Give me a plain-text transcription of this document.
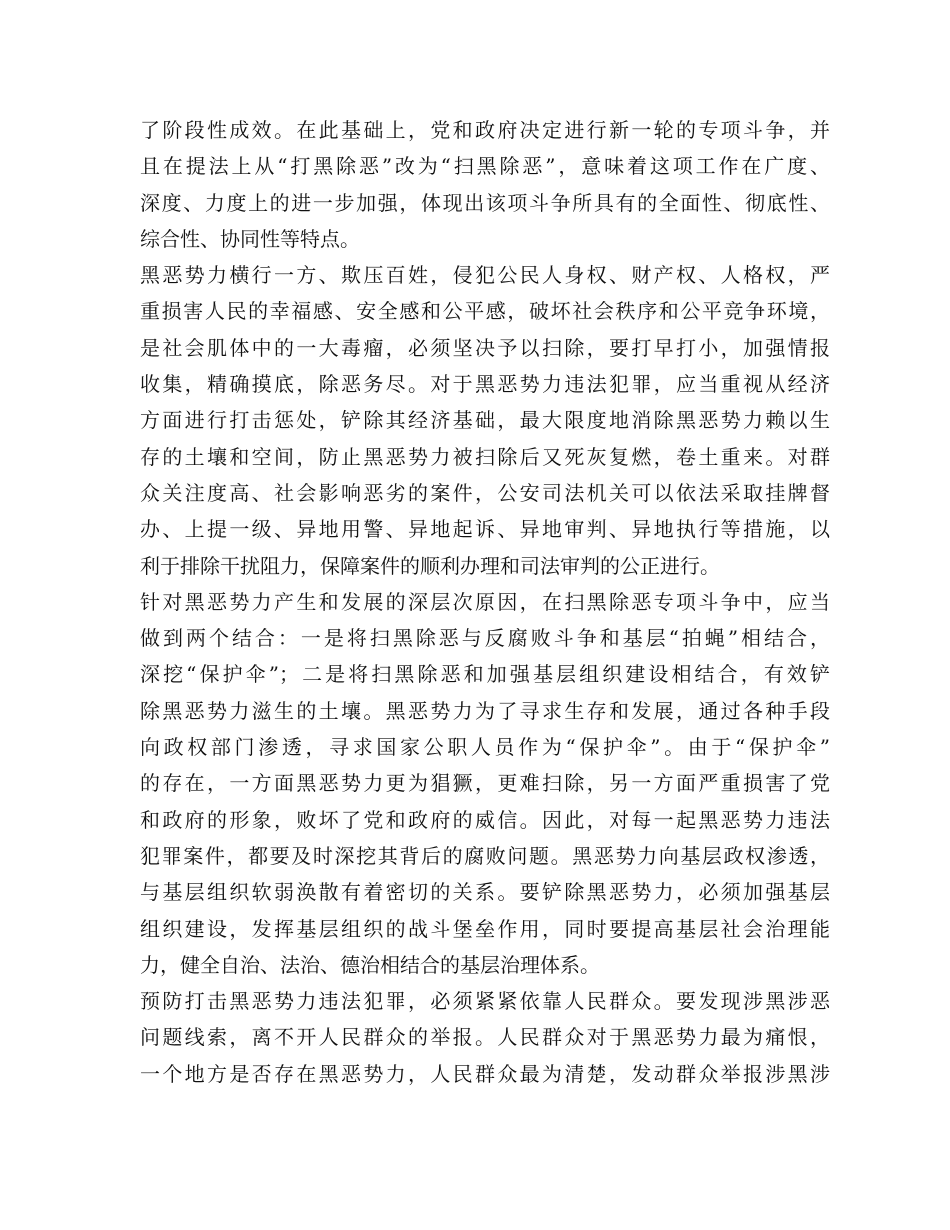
了阶段性成效。在此基础上，党和政府决定进行新一轮的专项斗争，并
且在提法上从“打黑除恶”改为“扫黑除恶”，意味着这项工作在广度、
深度、力度上的进一步加强，体现出该项斗争所具有的全面性、彻底性、
综合性、协同性等特点。
黑恶势力横行一方、欺压百姓，侵犯公民人身权、财产权、人格权，严
重损害人民的幸福感、安全感和公平感，破坏社会秩序和公平竞争环境，
是社会肌体中的一大毒瘤，必须坚决予以扫除，要打早打小，加强情报
收集，精确摸底，除恶务尽。对于黑恶势力违法犯罪，应当重视从经济
方面进行打击惩处，铲除其经济基础，最大限度地消除黑恶势力赖以生
存的土壤和空间，防止黑恶势力被扫除后又死灰复燃，卷土重来。对群
众关注度高、社会影响恶劣的案件，公安司法机关可以依法采取挂牌督
办、上提一级、异地用警、异地起诉、异地审判、异地执行等措施，以
利于排除干扰阻力，保障案件的顺利办理和司法审判的公正进行。
针对黑恶势力产生和发展的深层次原因，在扫黑除恶专项斗争中，应当
做到两个结合：一是将扫黑除恶与反腐败斗争和基层“拍蝇”相结合，
深挖“保护伞”；二是将扫黑除恶和加强基层组织建设相结合，有效铲
除黑恶势力滋生的土壤。黑恶势力为了寻求生存和发展，通过各种手段
向政权部门渗透，寻求国家公职人员作为“保护伞”。由于“保护伞”
的存在，一方面黑恶势力更为猖獗，更难扫除，另一方面严重损害了党
和政府的形象，败坏了党和政府的威信。因此，对每一起黑恶势力违法
犯罪案件，都要及时深挖其背后的腐败问题。黑恶势力向基层政权渗透，
与基层组织软弱涣散有着密切的关系。要铲除黑恶势力，必须加强基层
组织建设，发挥基层组织的战斗堡垒作用，同时要提高基层社会治理能
力，健全自治、法治、德治相结合的基层治理体系。
预防打击黑恶势力违法犯罪，必须紧紧依靠人民群众。要发现涉黑涉恶
问题线索，离不开人民群众的举报。人民群众对于黑恶势力最为痛恨，
一个地方是否存在黑恶势力，人民群众最为清楚，发动群众举报涉黑涉
